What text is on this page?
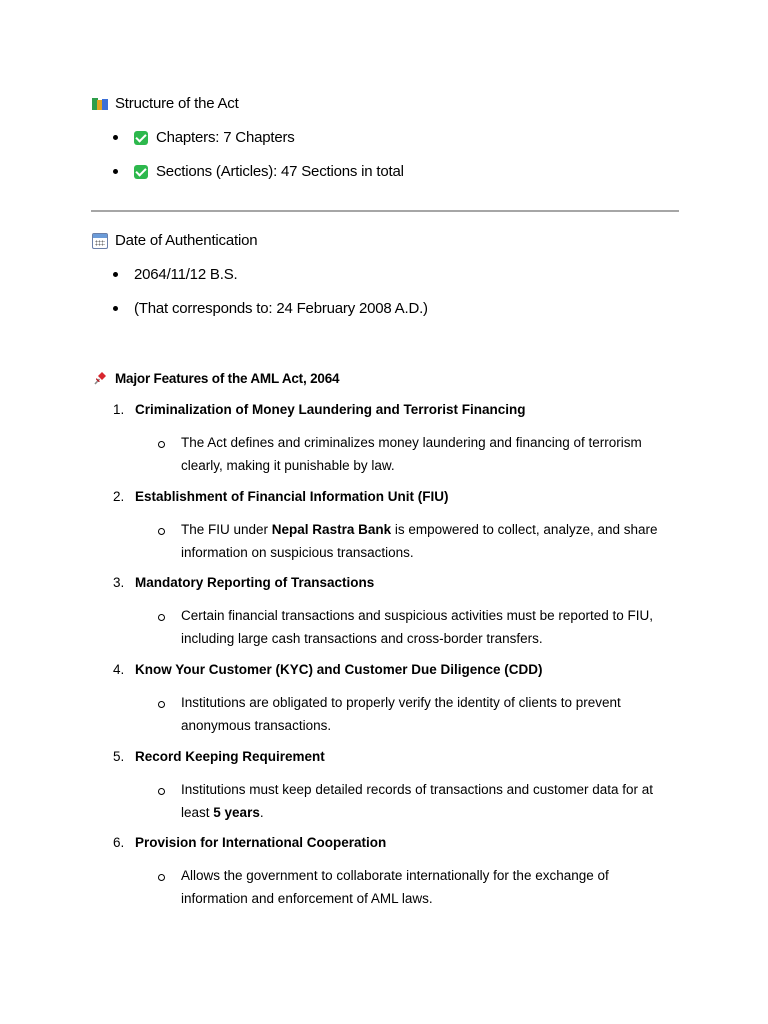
Structure of the Act
Chapters: 7 Chapters
Sections (Articles): 47 Sections in total
Date of Authentication
2064/11/12 B.S.
(That corresponds to: 24 February 2008 A.D.)
Major Features of the AML Act, 2064
1. Criminalization of Money Laundering and Terrorist Financing
The Act defines and criminalizes money laundering and financing of terrorism clearly, making it punishable by law.
2. Establishment of Financial Information Unit (FIU)
The FIU under Nepal Rastra Bank is empowered to collect, analyze, and share information on suspicious transactions.
3. Mandatory Reporting of Transactions
Certain financial transactions and suspicious activities must be reported to FIU, including large cash transactions and cross-border transfers.
4. Know Your Customer (KYC) and Customer Due Diligence (CDD)
Institutions are obligated to properly verify the identity of clients to prevent anonymous transactions.
5. Record Keeping Requirement
Institutions must keep detailed records of transactions and customer data for at least 5 years.
6. Provision for International Cooperation
Allows the government to collaborate internationally for the exchange of information and enforcement of AML laws.
